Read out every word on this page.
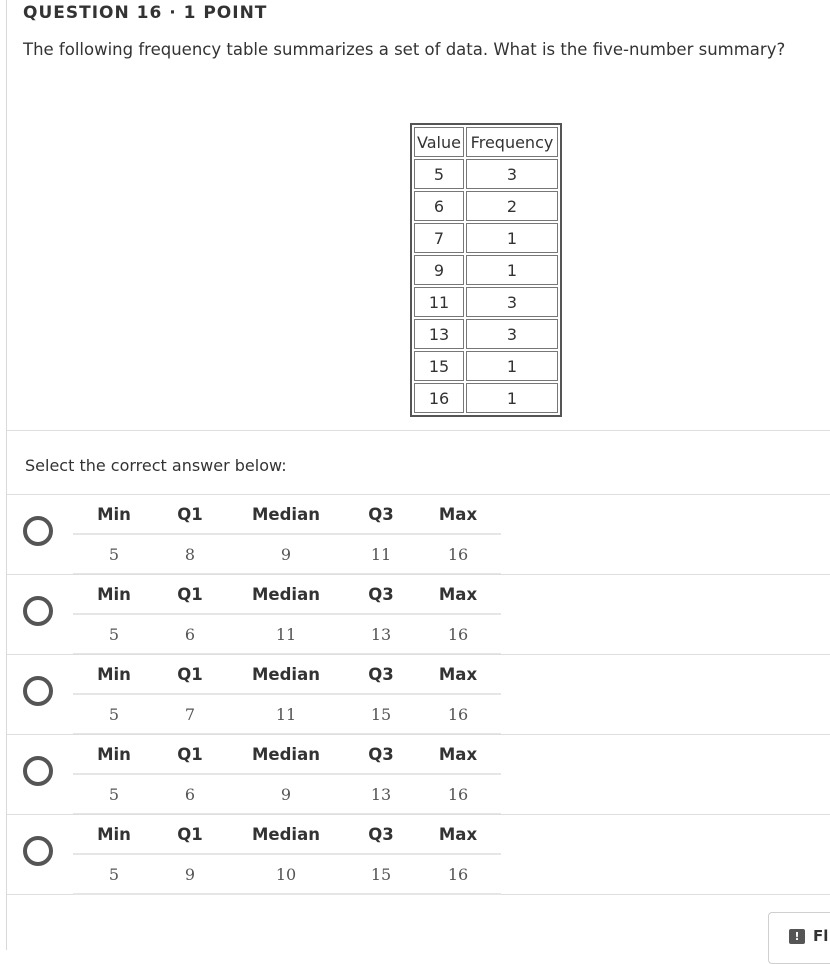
QUESTION 16 · 1 POINT
The following frequency table summarizes a set of data. What is the five-number summary?
Value	Frequency
5	3
6	2
7	1
9	1
11	3
13	3
15	1
16	1
Select the correct answer below:
Min	Q1	Median	Q3	Max
5	8	9	11	16
Min	Q1	Median	Q3	Max
5	6	11	13	16
Min	Q1	Median	Q3	Max
5	7	11	15	16
Min	Q1	Median	Q3	Max
5	6	9	13	16
Min	Q1	Median	Q3	Max
5	9	10	15	16
! Fl
